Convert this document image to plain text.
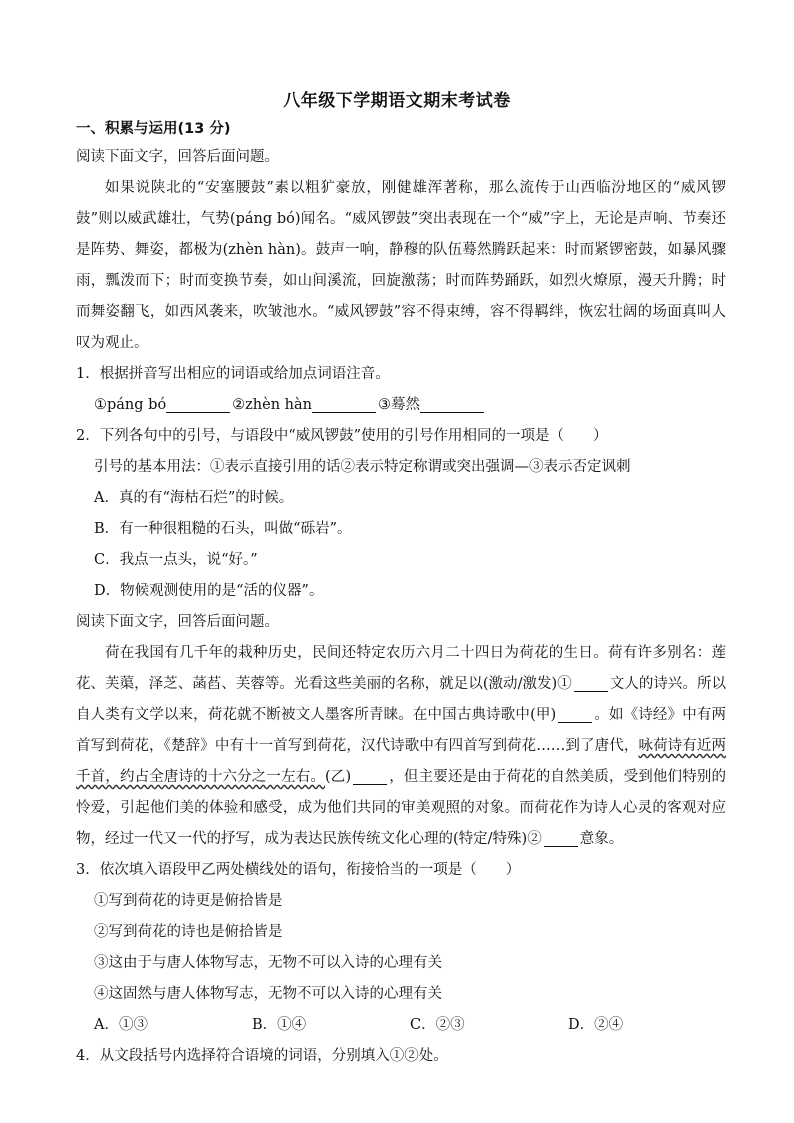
八年级下学期语文期末考试卷
一、积累与运用(13 分)
阅读下面文字，回答后面问题。
如果说陕北的“安塞腰鼓”素以粗犷豪放，刚健雄浑著称，那么流传于山西临汾地区的“威风锣鼓”则以威武雄壮，气势(páng bó)闻名。“威风锣鼓”突出表现在一个“威”字上，无论是声响、节奏还是阵势、舞姿，都极为(zhèn hàn)。鼓声一响，静穆的队伍蓦然腾跃起来：时而紧锣密鼓，如暴风骤雨，瓢泼而下；时而变换节奏，如山间溪流，回旋激荡；时而阵势踊跃，如烈火燎原，漫天升腾；时而舞姿翻飞，如西风袭来，吹皱池水。“威风锣鼓”容不得束缚，容不得羁绊，恢宏壮阔的场面真叫人叹为观止。
1．根据拼音写出相应的词语或给加点词语注音。
①páng bó	②zhèn hàn	③蓦然
2．下列各句中的引号，与语段中“威风锣鼓”使用的引号作用相同的一项是（　　）
引号的基本用法：①表示直接引用的话②表示特定称谓或突出强调—③表示否定讽刺
A．真的有“海枯石烂”的时候。
B．有一种很粗糙的石头，叫做“砾岩”。
C．我点一点头，说“好。”
D．物候观测使用的是“活的仪器”。
阅读下面文字，回答后面问题。
荷在我国有几千年的栽种历史，民间还特定农历六月二十四日为荷花的生日。荷有许多别名：莲花、芙蕖，泽芝、菡萏、芙蓉等。光看这些美丽的名称，就足以(激动/激发)①	文人的诗兴。所以自人类有文学以来，荷花就不断被文人墨客所青睐。在中国古典诗歌中(甲)	。如《诗经》中有两首写到荷花，《楚辞》中有十一首写到荷花，汉代诗歌中有四首写到荷花……到了唐代，咏荷诗有近两千首，约占全唐诗的十六分之一左右。(乙)	，但主要还是由于荷花的自然美质，受到他们特别的怜爱，引起他们美的体验和感受，成为他们共同的审美观照的对象。而荷花作为诗人心灵的客观对应物，经过一代又一代的抒写，成为表达民族传统文化心理的(特定/特殊)②	意象。
3．依次填入语段甲乙两处横线处的语句，衔接恰当的一项是（　　）
①写到荷花的诗更是俯拾皆是
②写到荷花的诗也是俯拾皆是
③这由于与唐人体物写志，无物不可以入诗的心理有关
④这固然与唐人体物写志，无物不可以入诗的心理有关
A．①③	B．①④	C．②③	D．②④
4．从文段括号内选择符合语境的词语，分别填入①②处。
